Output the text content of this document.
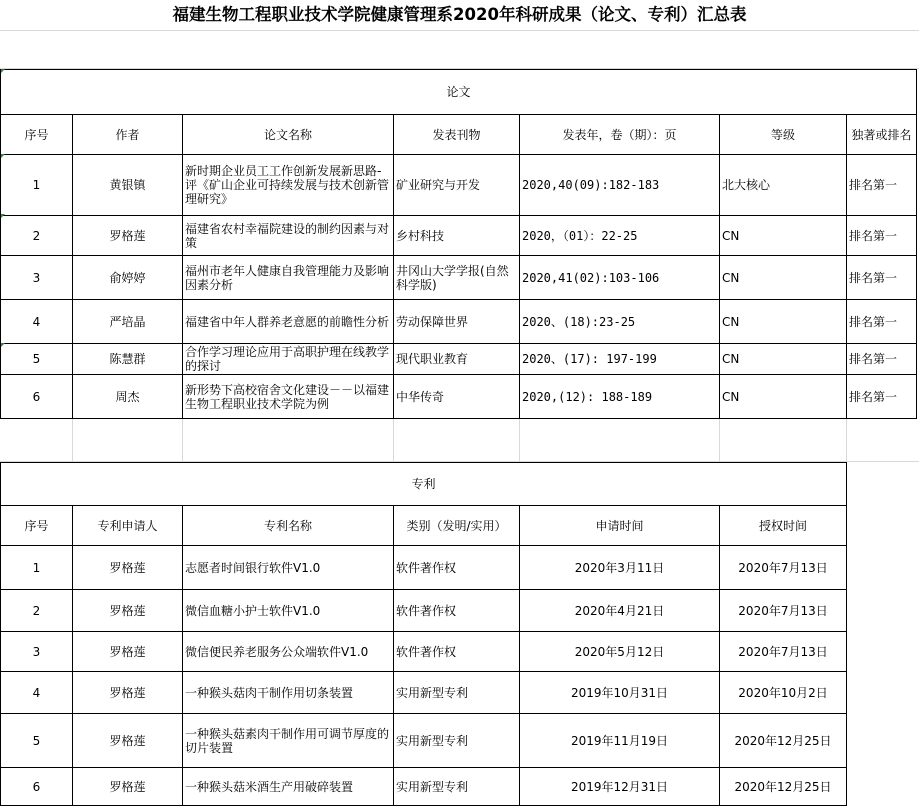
福建生物工程职业技术学院健康管理系2020年科研成果（论文、专利）汇总表
论文						
序号	作者	论文名称	发表刊物	发表年，卷（期）：页	等级	独著或排名
1	黄银镇	新时期企业员工工作创新发展新思路-评《矿山企业可持续发展与技术创新管理研究》	矿业研究与开发	2020,40(09):182-183	北大核心	排名第一
2	罗格莲	福建省农村幸福院建设的制约因素与对策	乡村科技	2020，（01）：22-25	CN	排名第一
3	俞婷婷	福州市老年人健康自我管理能力及影响因素分析	井冈山大学学报(自然科学版)	2020,41(02):103-106	CN	排名第一
4	严培晶	福建省中年人群养老意愿的前瞻性分析	劳动保障世界	2020、(18):23-25	CN	排名第一
5	陈慧群	合作学习理论应用于高职护理在线教学的探讨	现代职业教育	2020、(17): 197-199	CN	排名第一
6	周杰	新形势下高校宿舍文化建设－－以福建生物工程职业技术学院为例	中华传奇	2020,(12): 188-189	CN	排名第一
专利					
序号	专利申请人	专利名称	类别（发明/实用）	申请时间	授权时间
1	罗格莲	志愿者时间银行软件V1.0	软件著作权	2020年3月11日	2020年7月13日
2	罗格莲	微信血糖小护士软件V1.0	软件著作权	2020年4月21日	2020年7月13日
3	罗格莲	微信便民养老服务公众端软件V1.0	软件著作权	2020年5月12日	2020年7月13日
4	罗格莲	一种猴头菇肉干制作用切条装置	实用新型专利	2019年10月31日	2020年10月2日
5	罗格莲	一种猴头菇素肉干制作用可调节厚度的切片装置	实用新型专利	2019年11月19日	2020年12月25日
6	罗格莲	一种猴头菇米酒生产用破碎装置	实用新型专利	2019年12月31日	2020年12月25日
